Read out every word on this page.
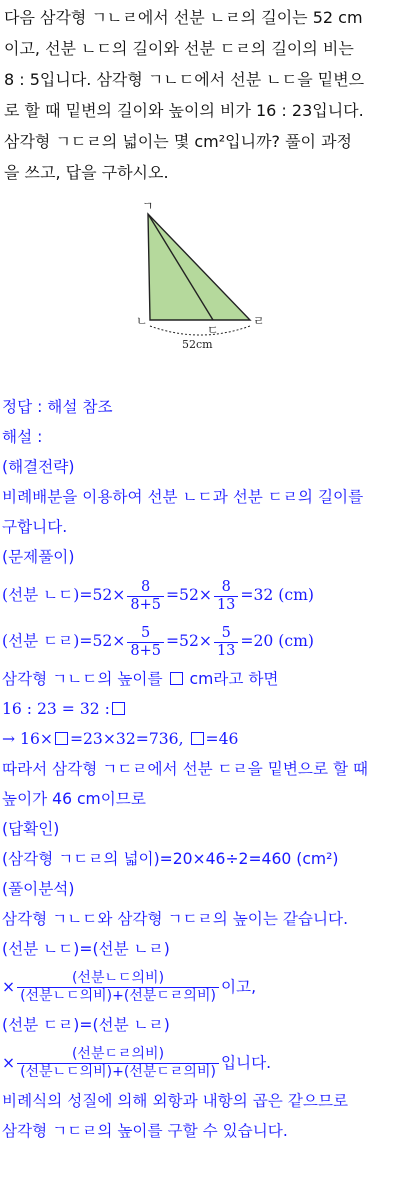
다음 삼각형 ㄱㄴㄹ에서 선분 ㄴㄹ의 길이는 52 cm
이고, 선분 ㄴㄷ의 길이와 선분 ㄷㄹ의 길이의 비는
8 : 5입니다. 삼각형 ㄱㄴㄷ에서 선분 ㄴㄷ을 밑변으
로 할 때 밑변의 길이와 높이의 비가 16 : 23입니다.
삼각형 ㄱㄷㄹ의 넓이는 몇 cm²입니까? 풀이 과정
을 쓰고, 답을 구하시오.
ㄱ
ㄴ
ㄷ
ㄹ
52cm
정답 : 해설 참조
해설 :
(해결전략)
비례배분을 이용하여 선분 ㄴㄷ과 선분 ㄷㄹ의 길이를
구합니다.
(문제풀이)
(선분 ㄴㄷ)$=52\times \frac{8}{8+5} =52\times \frac{8}{13} =32$ (cm)
(선분 ㄷㄹ)$=52\times \frac{5}{8+5} =52\times \frac{5}{13} =20$ (cm)
삼각형 ㄱㄴㄷ의 높이를 cm라고 하면
16 : 23 = 32 :
→ 16× =23×32=736, =46
따라서 삼각형 ㄱㄷㄹ에서 선분 ㄷㄹ을 밑변으로 할 때
높이가 46 cm이므로
(답확인)
(삼각형 ㄱㄷㄹ의 넓이)=20×46÷2=460 (cm²)
(풀이분석)
삼각형 ㄱㄴㄷ와 삼각형 ㄱㄷㄹ의 높이는 같습니다.
(선분 ㄴㄷ)=(선분 ㄴㄹ)
× $\frac{\text{(선분ㄴㄷ의비)}}{\text{(선분ㄴㄷ의비)+(선분ㄷㄹ의비)}}$ 이고,
(선분 ㄷㄹ)=(선분 ㄴㄹ)
× $\frac{\text{(선분ㄷㄹ의비)}}{\text{(선분ㄴㄷ의비)+(선분ㄷㄹ의비)}}$ 입니다.
비례식의 성질에 의해 외항과 내항의 곱은 같으므로
삼각형 ㄱㄷㄹ의 높이를 구할 수 있습니다.
